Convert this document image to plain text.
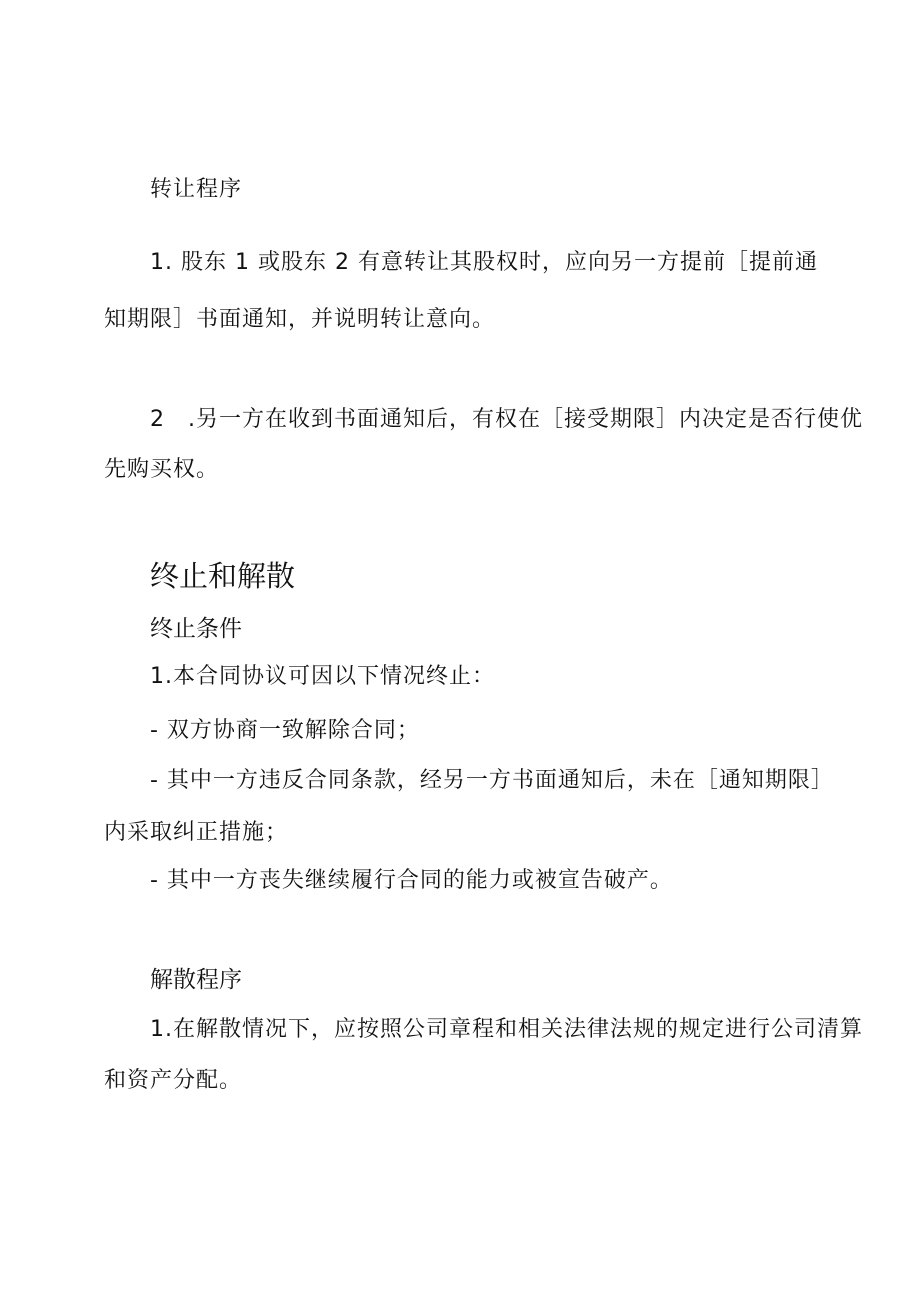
转让程序
1. 股东 1 或股东 2 有意转让其股权时，应向另一方提前［提前通
知期限］书面通知，并说明转让意向。
2　.另一方在收到书面通知后，有权在［接受期限］内决定是否行使优
先购买权。
终止和解散
终止条件
1.本合同协议可因以下情况终止：
- 双方协商一致解除合同；
- 其中一方违反合同条款，经另一方书面通知后，未在［通知期限］
内采取纠正措施；
- 其中一方丧失继续履行合同的能力或被宣告破产。
解散程序
1.在解散情况下，应按照公司章程和相关法律法规的规定进行公司清算
和资产分配。
